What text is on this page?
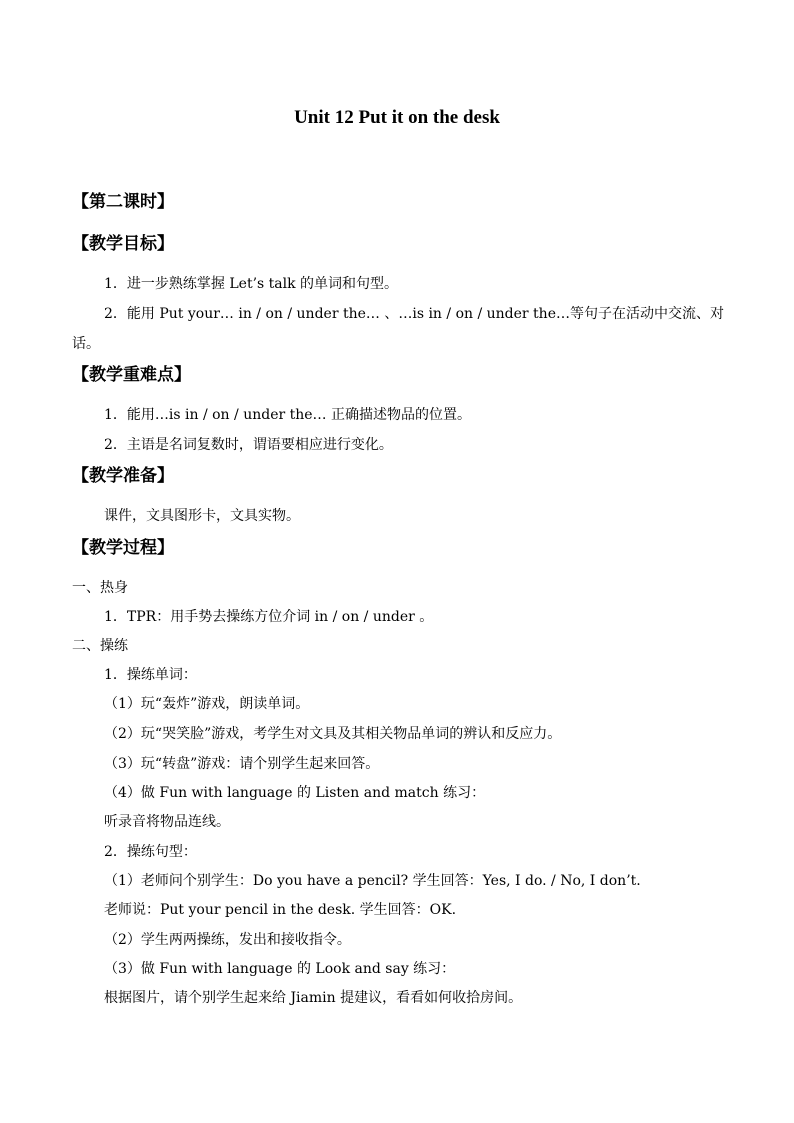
Unit 12 Put it on the desk
【第二课时】
【教学目标】
1．进一步熟练掌握 Let’s talk 的单词和句型。
2．能用 Put your… in / on / under the… 、…is in / on / under the…等句子在活动中交流、对
话。
【教学重难点】
1．能用…is in / on / under the… 正确描述物品的位置。
2．主语是名词复数时，谓语要相应进行变化。
【教学准备】
课件，文具图形卡，文具实物。
【教学过程】
一、热身
1．TPR：用手势去操练方位介词 in / on / under 。
二、操练
1．操练单词：
（1）玩“轰炸”游戏，朗读单词。
（2）玩“哭笑脸”游戏，考学生对文具及其相关物品单词的辨认和反应力。
（3）玩“转盘”游戏：请个别学生起来回答。
（4）做 Fun with language 的 Listen and match 练习：
听录音将物品连线。
2．操练句型：
（1）老师问个别学生：Do you have a pencil? 学生回答：Yes, I do. / No, I don’t.
老师说：Put your pencil in the desk. 学生回答：OK.
（2）学生两两操练，发出和接收指令。
（3）做 Fun with language 的 Look and say 练习：
根据图片，请个别学生起来给 Jiamin 提建议，看看如何收拾房间。
